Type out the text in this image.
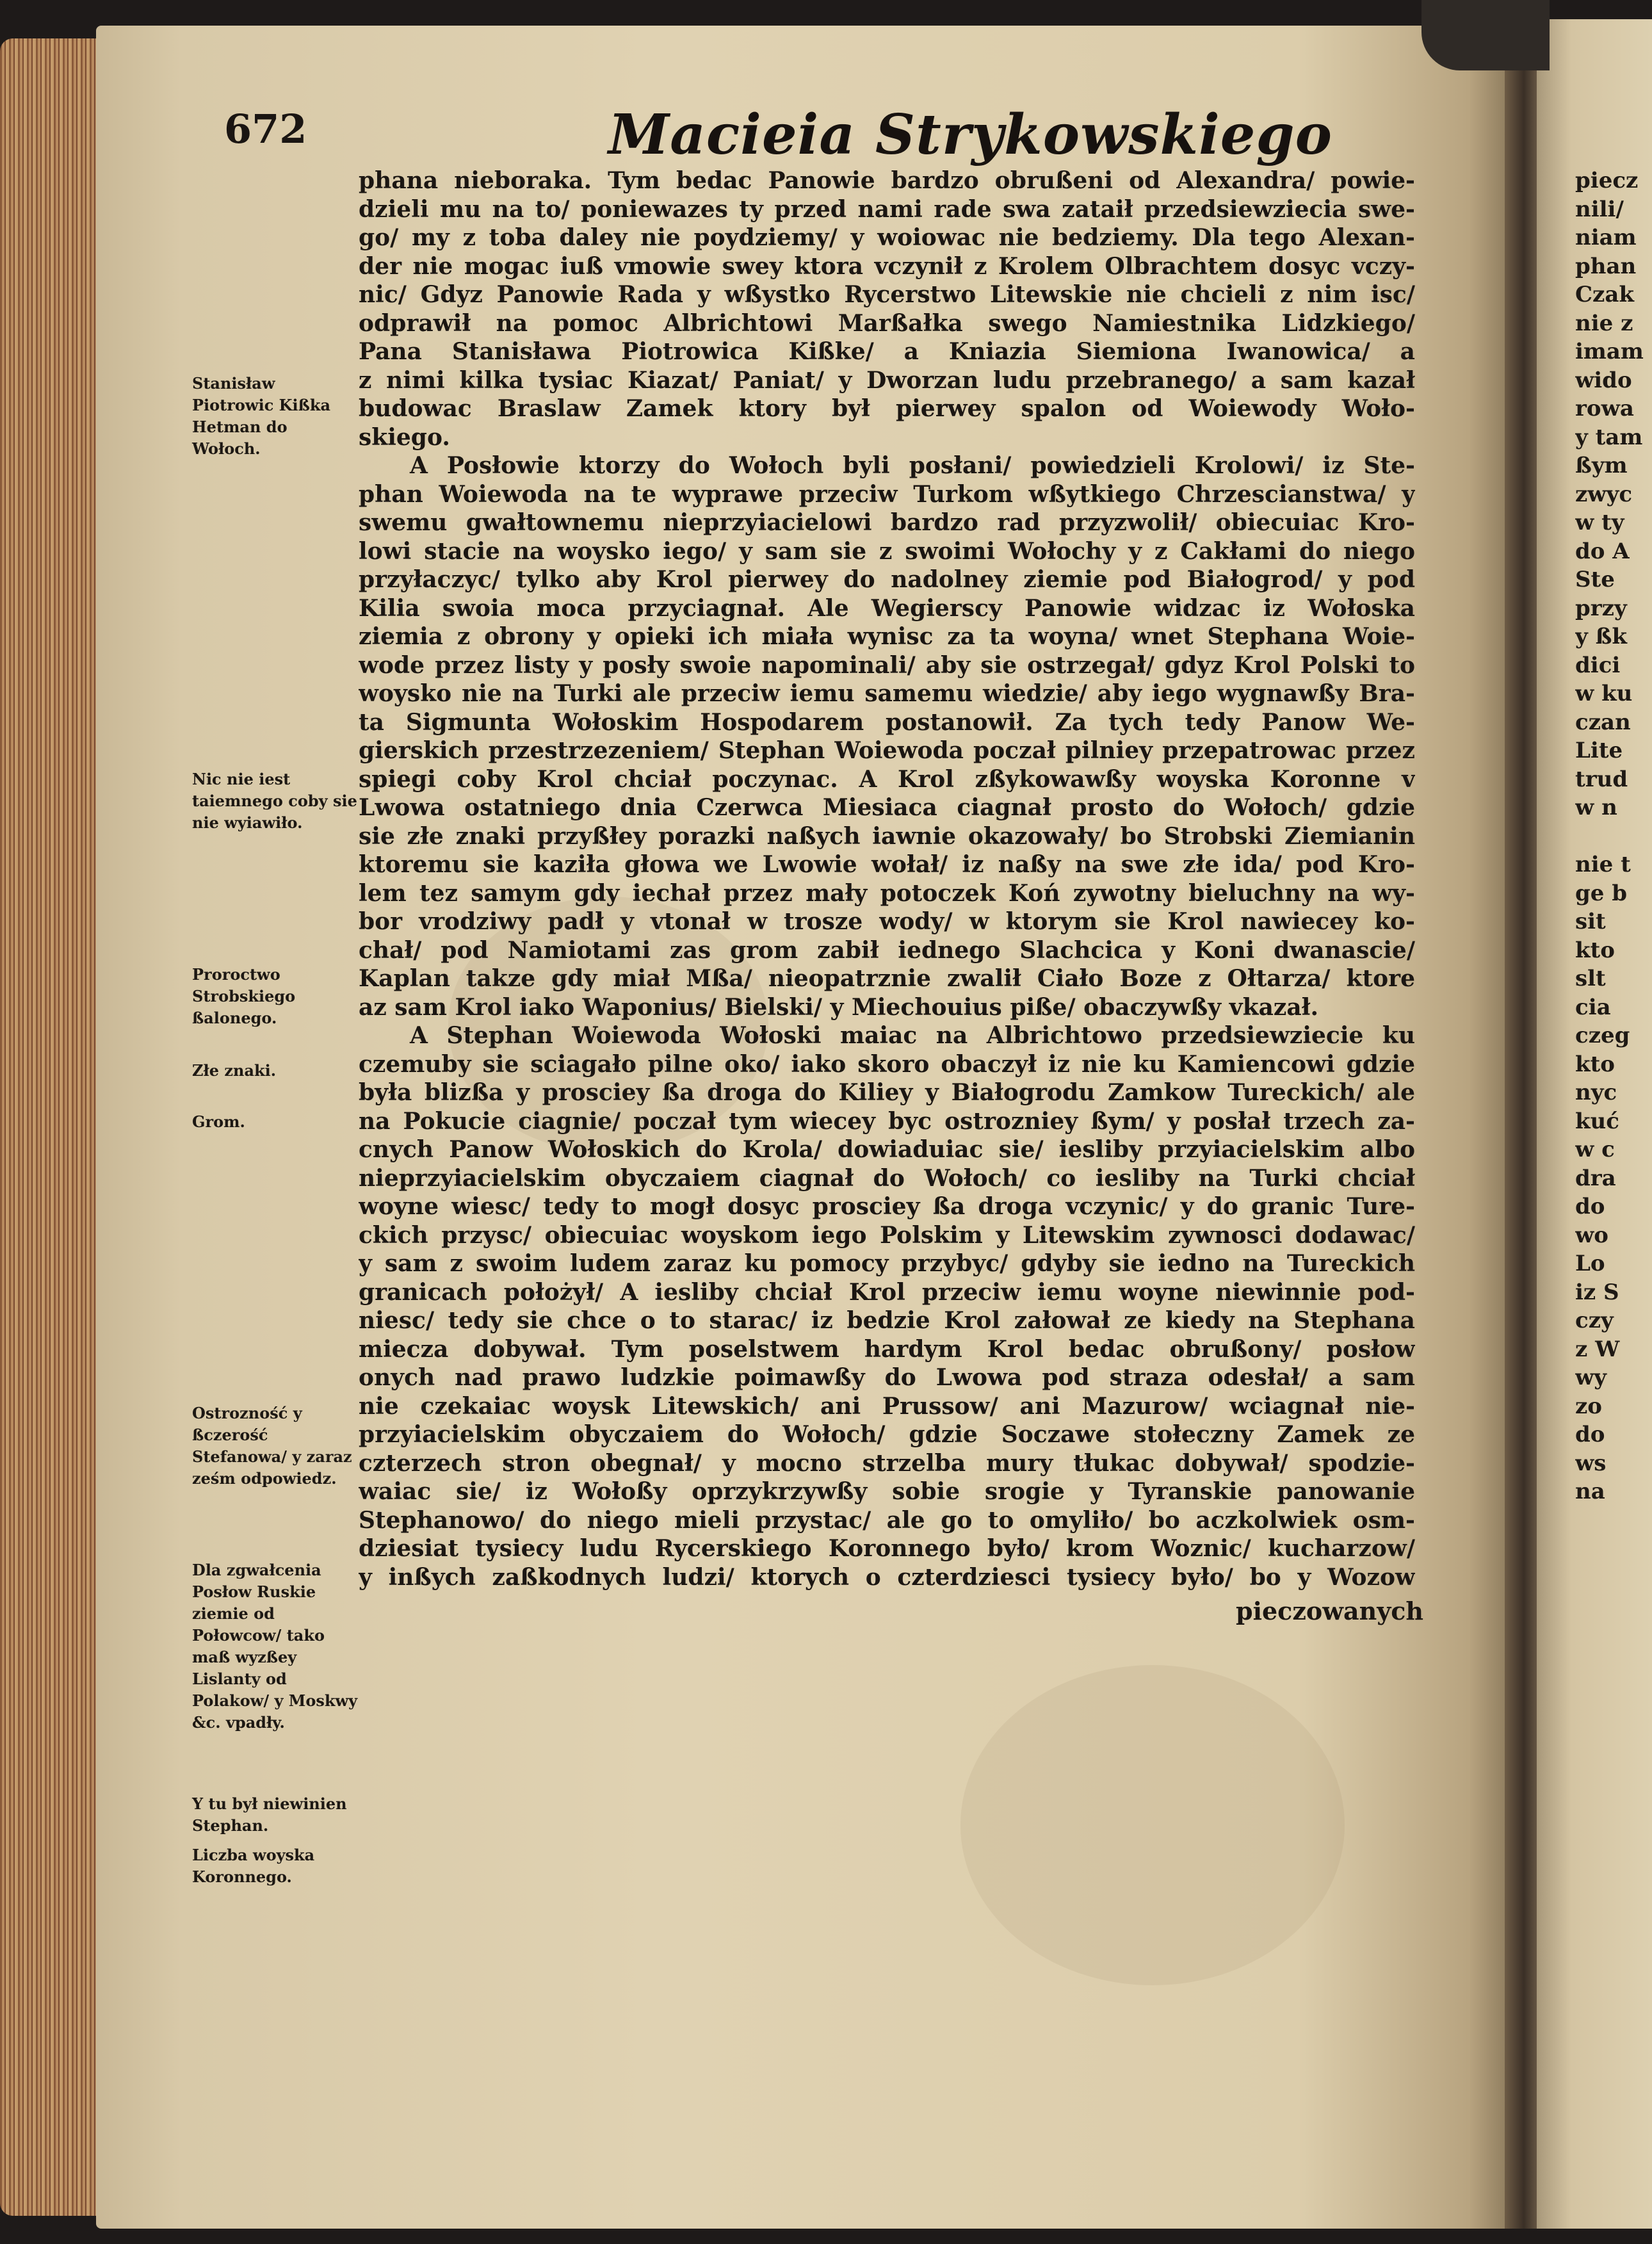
672	Macieia Strykowskiego
phana nieboraka. Tym bedac Panowie bardzo obrußeni od Alexandra/ powie-
dzieli mu na to/ poniewazes ty przed nami rade swa zataił przedsiewziecia swe-
go/ my z toba daley nie poydziemy/ y woiowac nie bedziemy. Dla tego Alexan-
der nie mogac iuß vmowie swey ktora vczynił z Krolem Olbrachtem dosyc vczy-
nic/ Gdyz Panowie Rada y wßystko Rycerstwo Litewskie nie chcieli z nim isc/
odprawił na pomoc Albrichtowi Marßałka swego Namiestnika Lidzkiego/
Pana Stanisława Piotrowica Kißke/ a Kniazia Siemiona Iwanowica/ a
z nimi kilka tysiac Kiazat/ Paniat/ y Dworzan ludu przebranego/ a sam kazał
budowac Braslaw Zamek ktory był pierwey spalon od Woiewody Woło-
skiego.
A Posłowie ktorzy do Wołoch byli posłani/ powiedzieli Krolowi/ iz Ste-
phan Woiewoda na te wyprawe przeciw Turkom wßytkiego Chrzescianstwa/ y
swemu gwałtownemu nieprzyiacielowi bardzo rad przyzwolił/ obiecuiac Kro-
lowi stacie na woysko iego/ y sam sie z swoimi Wołochy y z Cakłami do niego
przyłaczyc/ tylko aby Krol pierwey do nadolney ziemie pod Białogrod/ y pod
Kilia swoia moca przyciagnał. Ale Wegierscy Panowie widzac iz Wołoska
ziemia z obrony y opieki ich miała wynisc za ta woyna/ wnet Stephana Woie-
wode przez listy y posły swoie napominali/ aby sie ostrzegał/ gdyz Krol Polski to
woysko nie na Turki ale przeciw iemu samemu wiedzie/ aby iego wygnawßy Bra-
ta Sigmunta Wołoskim Hospodarem postanowił. Za tych tedy Panow We-
gierskich przestrzezeniem/ Stephan Woiewoda poczał pilniey przepatrowac przez
spiegi coby Krol chciał poczynac. A Krol zßykowawßy woyska Koronne v
Lwowa ostatniego dnia Czerwca Miesiaca ciagnał prosto do Wołoch/ gdzie
sie złe znaki przyßłey porazki naßych iawnie okazowały/ bo Strobski Ziemianin
ktoremu sie kaziła głowa we Lwowie wołał/ iz naßy na swe złe ida/ pod Kro-
lem tez samym gdy iechał przez mały potoczek Koń zywotny bieluchny na wy-
bor vrodziwy padł y vtonał w trosze wody/ w ktorym sie Krol nawiecey ko-
chał/ pod Namiotami zas grom zabił iednego Slachcica y Koni dwanascie/
Kaplan takze gdy miał Mßa/ nieopatrznie zwalił Ciało Boze z Ołtarza/ ktore
az sam Krol iako Waponius/ Bielski/ y Miechouius piße/ obaczywßy vkazał.
A Stephan Woiewoda Wołoski maiac na Albrichtowo przedsiewziecie ku
czemuby sie sciagało pilne oko/ iako skoro obaczył iz nie ku Kamiencowi gdzie
była blizßa y prosciey ßa droga do Kiliey y Białogrodu Zamkow Tureckich/ ale
na Pokucie ciagnie/ poczał tym wiecey byc ostrozniey ßym/ y posłał trzech za-
cnych Panow Wołoskich do Krola/ dowiaduiac sie/ iesliby przyiacielskim albo
nieprzyiacielskim obyczaiem ciagnał do Wołoch/ co iesliby na Turki chciał
woyne wiesc/ tedy to mogł dosyc prosciey ßa droga vczynic/ y do granic Ture-
ckich przysc/ obiecuiac woyskom iego Polskim y Litewskim zywnosci dodawac/
y sam z swoim ludem zaraz ku pomocy przybyc/ gdyby sie iedno na Tureckich
granicach położył/ A iesliby chciał Krol przeciw iemu woyne niewinnie pod-
niesc/ tedy sie chce o to starac/ iz bedzie Krol załował ze kiedy na Stephana
miecza dobywał. Tym poselstwem hardym Krol bedac obrußony/ posłow
onych nad prawo ludzkie poimawßy do Lwowa pod straza odesłał/ a sam
nie czekaiac woysk Litewskich/ ani Prussow/ ani Mazurow/ wciagnał nie-
przyiacielskim obyczaiem do Wołoch/ gdzie Soczawe stołeczny Zamek ze
czterzech stron obegnał/ y mocno strzelba mury tłukac dobywał/ spodzie-
waiac sie/ iz Wołoßy oprzykrzywßy sobie srogie y Tyranskie panowanie
Stephanowo/ do niego mieli przystac/ ale go to omyliło/ bo aczkolwiek osm-
dziesiat tysiecy ludu Rycerskiego Koronnego było/ krom Woznic/ kucharzow/
y inßych zaßkodnych ludzi/ ktorych o czterdziesci tysiecy było/ bo y Wozow
Stanisław Piotrowic Kißka Hetman do Wołoch.
Nic nie iest taiemnego coby sie nie wyiawiło.
Proroctwo Strobskiego ßalonego.
Złe znaki.
Grom.
Ostrozność y ßczerość Stefanowa/ y zaraz ześm odpowiedz.
Dla zgwałcenia Posłow Ruskie ziemie od Połowcow/ tako maß wyzßey Lislanty od Polakow/ y Moskwy &c. vpadły.
Y tu był niewinien Stephan.
Liczba woyska Koronnego.
piecz
nili/
niam
phan
Czak
nie z
imam
wido
rowa
y tam
ßym
zwyc
w ty
do A
Ste
przy
y ßk
dici
w ku
czan
Lite
trud
w n
nie t
ge b
sit
kto
slt
cia
czeg
kto
nyc
kuć
w c
dra
do
wo
Lo
iz S
czy
z W
wy
zo
do
ws
na
pieczowanych
